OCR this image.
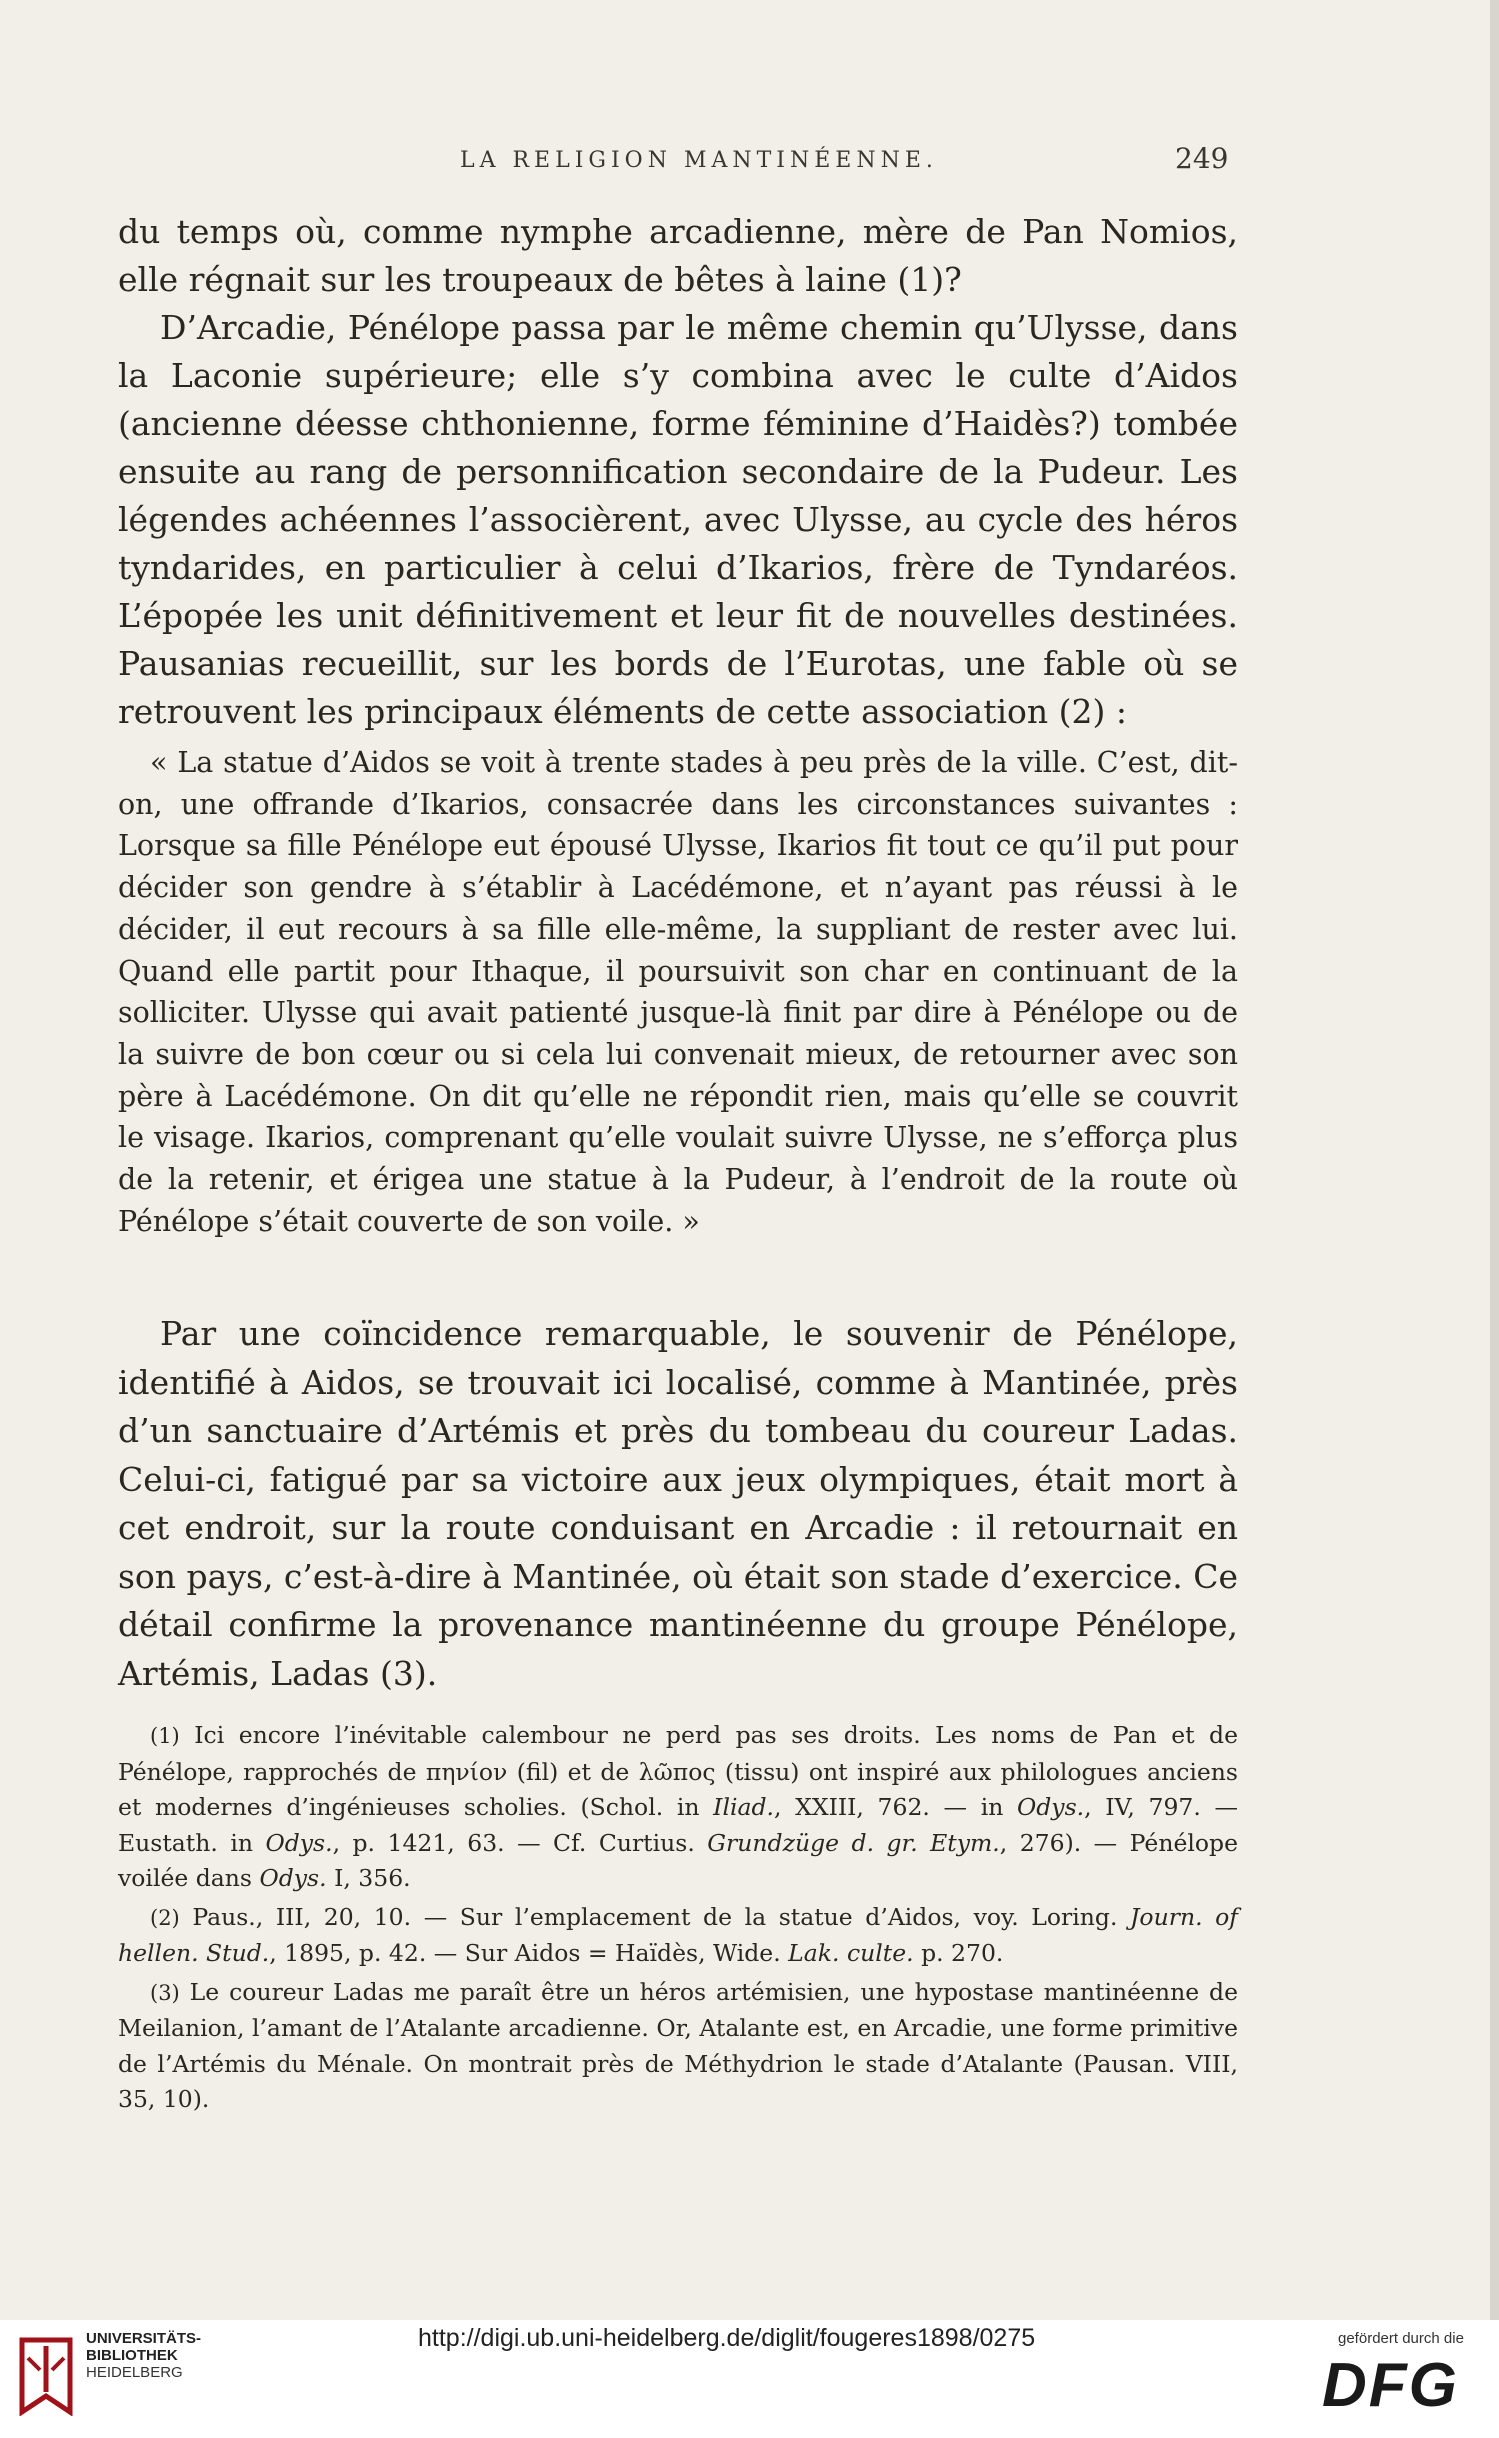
LA RELIGION MANTINÉENNE.	249

du temps où, comme nymphe arcadienne, mère de Pan Nomios, elle régnait sur les troupeaux de bêtes à laine (1)?

D’Arcadie, Pénélope passa par le même chemin qu’Ulysse, dans la Laconie supérieure; elle s’y combina avec le culte d’Aidos (ancienne déesse chthonienne, forme féminine d’Haidès?) tombée ensuite au rang de personnification secondaire de la Pudeur. Les légendes achéennes l’associèrent, avec Ulysse, au cycle des héros tyndarides, en particulier à celui d’Ikarios, frère de Tyndaréos. L’épopée les unit définitivement et leur fit de nouvelles destinées. Pausanias recueillit, sur les bords de l’Eurotas, une fable où se retrouvent les principaux éléments de cette association (2) :

« La statue d’Aidos se voit à trente stades à peu près de la ville. C’est, dit-on, une offrande d’Ikarios, consacrée dans les circonstances suivantes : Lorsque sa fille Pénélope eut épousé Ulysse, Ikarios fit tout ce qu’il put pour décider son gendre à s’établir à Lacédémone, et n’ayant pas réussi à le décider, il eut recours à sa fille elle-même, la suppliant de rester avec lui. Quand elle partit pour Ithaque, il poursuivit son char en continuant de la solliciter. Ulysse qui avait patienté jusque-là finit par dire à Pénélope ou de la suivre de bon cœur ou si cela lui convenait mieux, de retourner avec son père à Lacédémone. On dit qu’elle ne répondit rien, mais qu’elle se couvrit le visage. Ikarios, comprenant qu’elle voulait suivre Ulysse, ne s’efforça plus de la retenir, et érigea une statue à la Pudeur, à l’endroit de la route où Pénélope s’était couverte de son voile. »

Par une coïncidence remarquable, le souvenir de Pénélope, identifié à Aidos, se trouvait ici localisé, comme à Mantinée, près d’un sanctuaire d’Artémis et près du tombeau du coureur Ladas. Celui-ci, fatigué par sa victoire aux jeux olympiques, était mort à cet endroit, sur la route conduisant en Arcadie : il retournait en son pays, c’est-à-dire à Mantinée, où était son stade d’exercice. Ce détail confirme la provenance mantinéenne du groupe Pénélope, Artémis, Ladas (3).

(1) Ici encore l’inévitable calembour ne perd pas ses droits. Les noms de Pan et de Pénélope, rapprochés de πηνίον (fil) et de λῶπος (tissu) ont inspiré aux philologues anciens et modernes d’ingénieuses scholies. (Schol. in Iliad., XXIII, 762. — in Odys., IV, 797. — Eustath. in Odys., p. 1421, 63. — Cf. Curtius. Grundzüge d. gr. Etym., 276). — Pénélope voilée dans Odys. I, 356.

(2) Paus., III, 20, 10. — Sur l’emplacement de la statue d’Aidos, voy. Loring. Journ. of hellen. Stud., 1895, p. 42. — Sur Aidos = Haïdès, Wide. Lak. culte. p. 270.

(3) Le coureur Ladas me paraît être un héros artémisien, une hypostase mantinéenne de Meilanion, l’amant de l’Atalante arcadienne. Or, Atalante est, en Arcadie, une forme primitive de l’Artémis du Ménale. On montrait près de Méthydrion le stade d’Atalante (Pausan. VIII, 35, 10).

UNIVERSITÄTS-
BIBLIOTHEK
HEIDELBERG
http://digi.ub.uni-heidelberg.de/diglit/fougeres1898/0275	gefördert durch die
DFG
